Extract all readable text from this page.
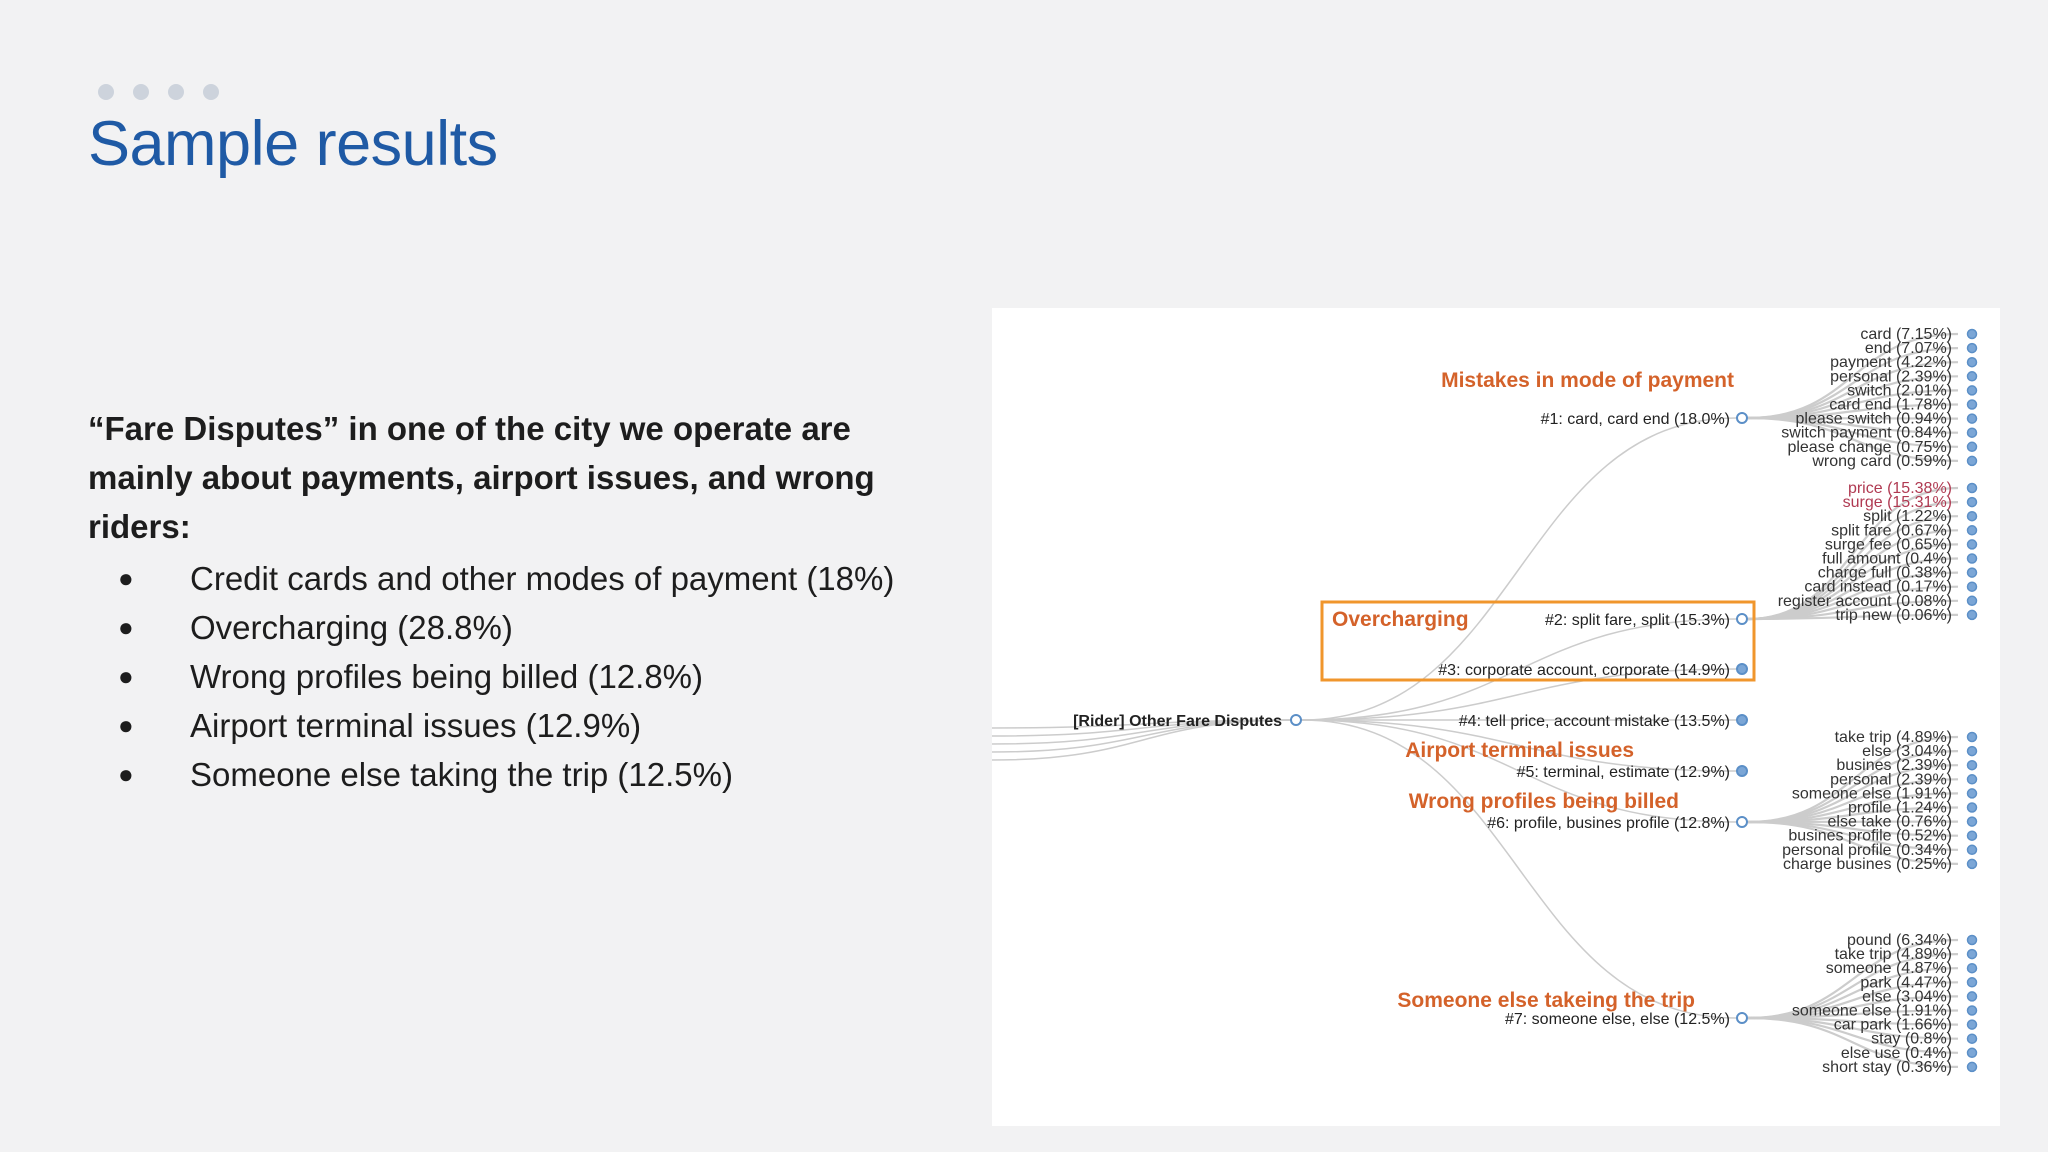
Sample results
“Fare Disputes” in one of the city we operate are mainly about payments, airport issues, and wrong riders:
● Credit cards and other modes of payment (18%)
● Overcharging (28.8%)
● Wrong profiles being billed (12.8%)
● Airport terminal issues (12.9%)
● Someone else taking the trip (12.5%)
[Rider] Other Fare Disputes
Mistakes in mode of payment
Overcharging
Airport terminal issues
Wrong profiles being billed
Someone else takeing the trip
#1: card, card end (18.0%)
#2: split fare, split (15.3%)
#3: corporate account, corporate (14.9%)
#4: tell price, account mistake (13.5%)
#5: terminal, estimate (12.9%)
#6: profile, busines profile (12.8%)
#7: someone else, else (12.5%)
card (7.15%)
end (7.07%)
payment (4.22%)
personal (2.39%)
switch (2.01%)
card end (1.78%)
please switch (0.94%)
switch payment (0.84%)
please change (0.75%)
wrong card (0.59%)
price (15.38%)
surge (15.31%)
split (1.22%)
split fare (0.67%)
surge fee (0.65%)
full amount (0.4%)
charge full (0.38%)
card instead (0.17%)
register account (0.08%)
trip new (0.06%)
take trip (4.89%)
else (3.04%)
busines (2.39%)
personal (2.39%)
someone else (1.91%)
profile (1.24%)
else take (0.76%)
busines profile (0.52%)
personal profile (0.34%)
charge busines (0.25%)
pound (6.34%)
take trip (4.89%)
someone (4.87%)
park (4.47%)
else (3.04%)
someone else (1.91%)
car park (1.66%)
stay (0.8%)
else use (0.4%)
short stay (0.36%)
